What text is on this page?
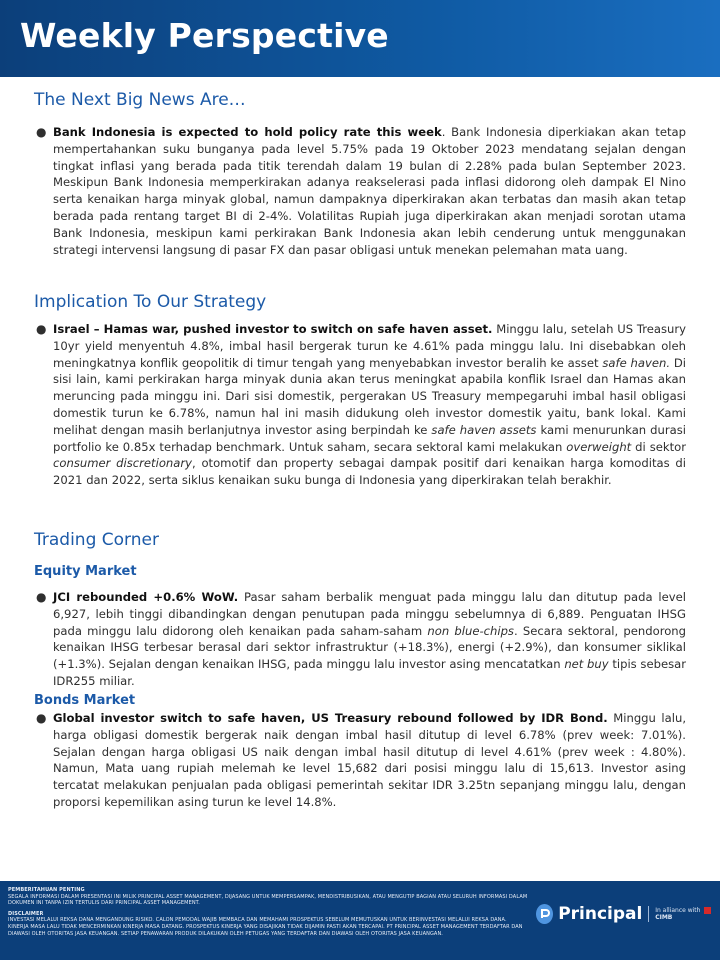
Weekly Perspective
The Next Big News Are…
● Bank Indonesia is expected to hold policy rate this week. Bank Indonesia diperkiakan akan tetap mempertahankan suku bunganya pada level 5.75% pada 19 Oktober 2023 mendatang sejalan dengan tingkat inflasi yang berada pada titik terendah dalam 19 bulan di 2.28% pada bulan September 2023. Meskipun Bank Indonesia memperkirakan adanya reakselerasi pada inflasi didorong oleh dampak El Nino serta kenaikan harga minyak global, namun dampaknya diperkirakan akan terbatas dan masih akan tetap berada pada rentang target BI di 2-4%. Volatilitas Rupiah juga diperkirakan akan menjadi sorotan utama Bank Indonesia, meskipun kami perkirakan Bank Indonesia akan lebih cenderung untuk menggunakan strategi intervensi langsung di pasar FX dan pasar obligasi untuk menekan pelemahan mata uang.
Implication To Our Strategy
● Israel – Hamas war, pushed investor to switch on safe haven asset. Minggu lalu, setelah US Treasury 10yr yield menyentuh 4.8%, imbal hasil bergerak turun ke 4.61% pada minggu lalu. Ini disebabkan oleh meningkatnya konflik geopolitik di timur tengah yang menyebabkan investor beralih ke asset safe haven. Di sisi lain, kami perkirakan harga minyak dunia akan terus meningkat apabila konflik Israel dan Hamas akan meruncing pada minggu ini. Dari sisi domestik, pergerakan US Treasury mempegaruhi imbal hasil obligasi domestik turun ke 6.78%, namun hal ini masih didukung oleh investor domestik yaitu, bank lokal. Kami melihat dengan masih berlanjutnya investor asing berpindah ke safe haven assets kami menurunkan durasi portfolio ke 0.85x terhadap benchmark. Untuk saham, secara sektoral kami melakukan overweight di sektor consumer discretionary, otomotif dan property sebagai dampak positif dari kenaikan harga komoditas di 2021 dan 2022, serta siklus kenaikan suku bunga di Indonesia yang diperkirakan telah berakhir.
Trading Corner
Equity Market
● JCI rebounded +0.6% WoW. Pasar saham berbalik menguat pada minggu lalu dan ditutup pada level 6,927, lebih tinggi dibandingkan dengan penutupan pada minggu sebelumnya di 6,889. Penguatan IHSG pada minggu lalu didorong oleh kenaikan pada saham-saham non blue-chips. Secara sektoral, pendorong kenaikan IHSG terbesar berasal dari sektor infrastruktur (+18.3%), energi (+2.9%), dan konsumer siklikal (+1.3%). Sejalan dengan kenaikan IHSG, pada minggu lalu investor asing mencatatkan net buy tipis sebesar IDR255 miliar.
Bonds Market
● Global investor switch to safe haven, US Treasury rebound followed by IDR Bond. Minggu lalu, harga obligasi domestik bergerak naik dengan imbal hasil ditutup di level 6.78% (prev week: 7.01%). Sejalan dengan harga obligasi US naik dengan imbal hasil ditutup di level 4.61% (prev week : 4.80%). Namun, Mata uang rupiah melemah ke level 15,682 dari posisi minggu lalu di 15,613. Investor asing tercatat melakukan penjualan pada obligasi pemerintah sekitar IDR 3.25tn sepanjang minggu lalu, dengan proporsi kepemilikan asing turun ke level 14.8%.

PEMBERITAHUAN PENTING
SEGALA INFORMASI DALAM PRESENTASI INI MILIK PRINCIPAL ASSET MANAGEMENT, DIJASANG UNTUK MEMPERSAMPAK, MENDISTRIBUSIKAN, ATAU MENGUTIP BAGIAN ATAU SELURUH INFORMASI DALAM DOKUMEN INI TANPA IZIN TERTULIS DARI PRINCIPAL ASSET MANAGEMENT.

DISCLAIMER
INVESTASI MELALUI REKSA DANA MENGANDUNG RISIKO. CALON PEMODAL WAJIB MEMBACA DAN MEMAHAMI PROSPEKTUS SEBELUM MEMUTUSKAN UNTUK BERINVESTASI MELALUI REKSA DANA. KINERJA MASA LALU TIDAK MENCERMINKAN KINERJA MASA DATANG. PROSPEKTUS KINERJA YANG DISAJIKAN TIDAK DIJAMIN PASTI AKAN TERCAPAI. PT PRINCIPAL ASSET MANAGEMENT TERDAFTAR DAN DIAWASI OLEH OTORITAS JASA KEUANGAN. SETIAP PENAWARAN PRODUK DILAKUKAN OLEH PETUGAS YANG TERDAFTAR DAN DIAWASI OLEH OTORITAS JASA KEUANGAN.

Principal In alliance with CIMB
